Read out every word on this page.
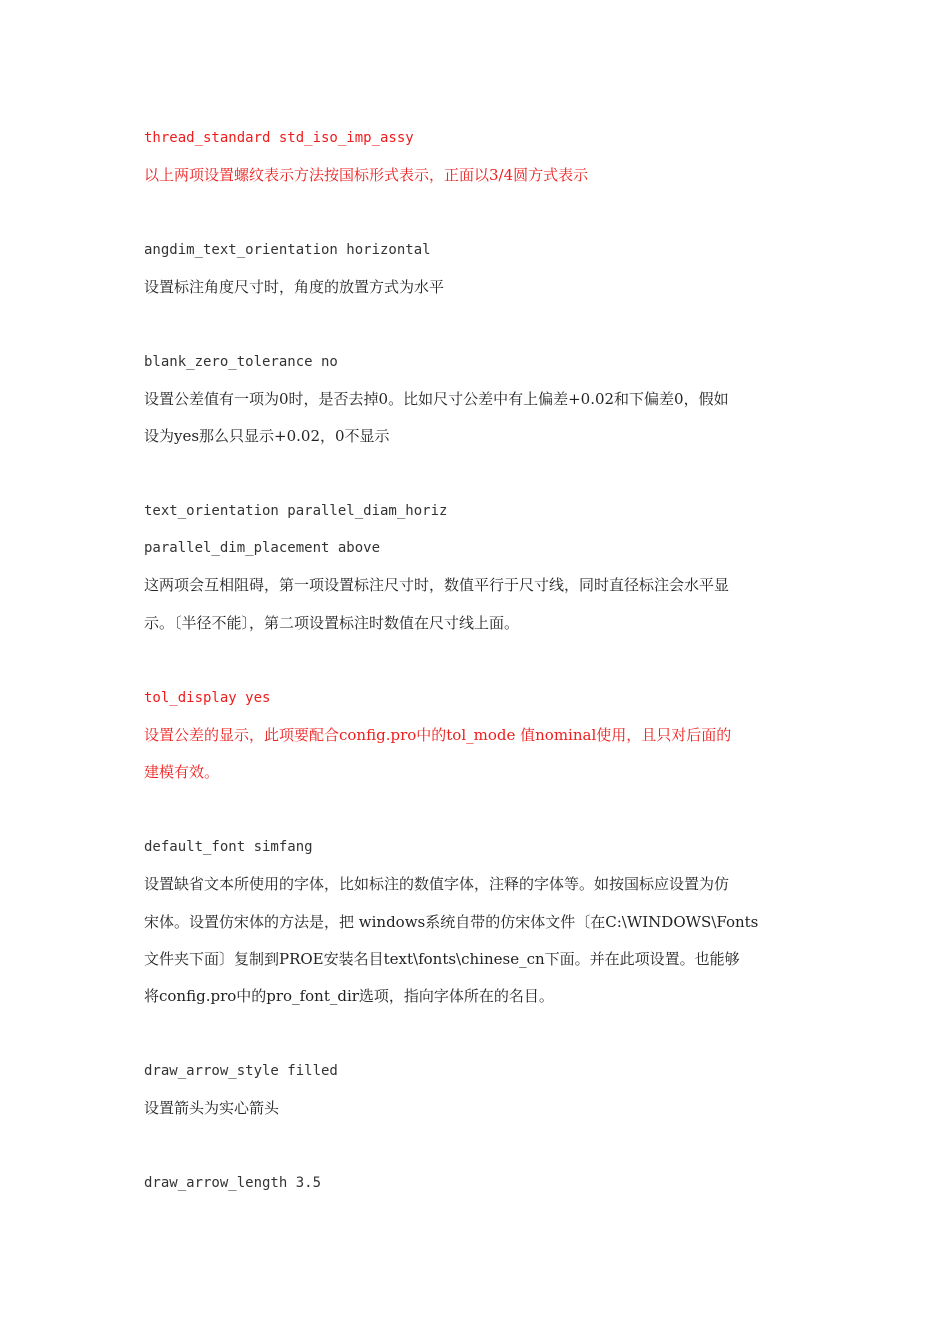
thread_standard std_iso_imp_assy
以上两项设置螺纹表示方法按国标形式表示，正面以3/4圆方式表示
angdim_text_orientation horizontal
设置标注角度尺寸时，角度的放置方式为水平
blank_zero_tolerance no
设置公差值有一项为0时，是否去掉0。比如尺寸公差中有上偏差+0.02和下偏差0，假如
设为yes那么只显示+0.02，0不显示
text_orientation parallel_diam_horiz
parallel_dim_placement above
这两项会互相阻碍，第一项设置标注尺寸时，数值平行于尺寸线，同时直径标注会水平显
示。〔半径不能〕，第二项设置标注时数值在尺寸线上面。
tol_display yes
设置公差的显示，此项要配合config.pro中的tol_mode 值nominal使用，且只对后面的
建模有效。
default_font simfang
设置缺省文本所使用的字体，比如标注的数值字体，注释的字体等。如按国标应设置为仿
宋体。设置仿宋体的方法是，把 windows系统自带的仿宋体文件〔在C:\WINDOWS\Fonts
文件夹下面〕复制到PROE安装名目text\fonts\chinese_cn下面。并在此项设置。也能够
将config.pro中的pro_font_dir选项，指向字体所在的名目。
draw_arrow_style filled
设置箭头为实心箭头
draw_arrow_length 3.5
